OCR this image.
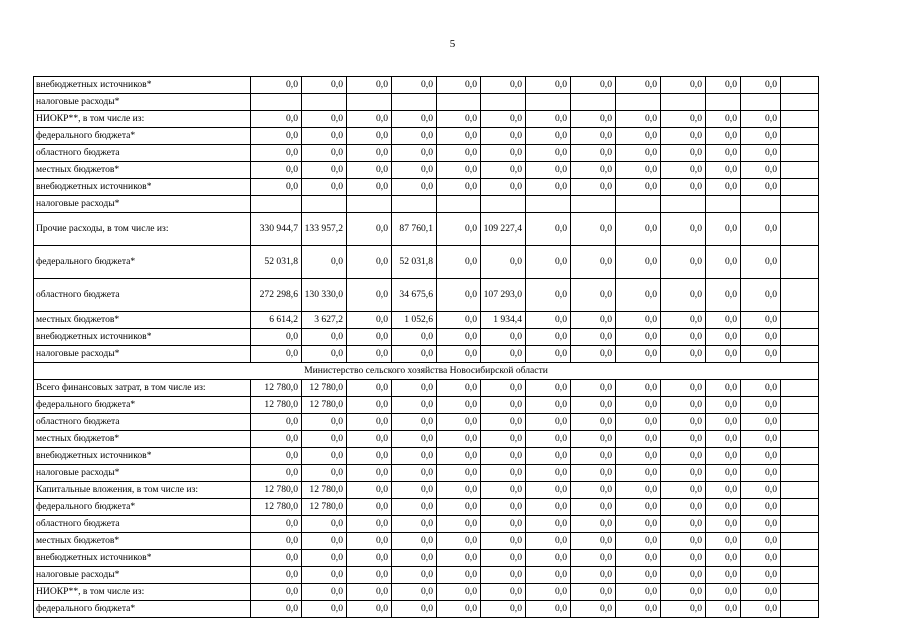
5
внебюджетных источников*	0,0	0,0	0,0	0,0	0,0	0,0	0,0	0,0	0,0	0,0	0,0	0,0	
налоговые расходы*													
НИОКР**, в том числе из:	0,0	0,0	0,0	0,0	0,0	0,0	0,0	0,0	0,0	0,0	0,0	0,0	
федерального бюджета*	0,0	0,0	0,0	0,0	0,0	0,0	0,0	0,0	0,0	0,0	0,0	0,0	
областного бюджета	0,0	0,0	0,0	0,0	0,0	0,0	0,0	0,0	0,0	0,0	0,0	0,0	
местных бюджетов*	0,0	0,0	0,0	0,0	0,0	0,0	0,0	0,0	0,0	0,0	0,0	0,0	
внебюджетных источников*	0,0	0,0	0,0	0,0	0,0	0,0	0,0	0,0	0,0	0,0	0,0	0,0	
налоговые расходы*													
Прочие расходы, в том числе из:	330 944,7	133 957,2	0,0	87 760,1	0,0	109 227,4	0,0	0,0	0,0	0,0	0,0	0,0	
федерального бюджета*	52 031,8	0,0	0,0	52 031,8	0,0	0,0	0,0	0,0	0,0	0,0	0,0	0,0	
областного бюджета	272 298,6	130 330,0	0,0	34 675,6	0,0	107 293,0	0,0	0,0	0,0	0,0	0,0	0,0	
местных бюджетов*	6 614,2	3 627,2	0,0	1 052,6	0,0	1 934,4	0,0	0,0	0,0	0,0	0,0	0,0	
внебюджетных источников*	0,0	0,0	0,0	0,0	0,0	0,0	0,0	0,0	0,0	0,0	0,0	0,0	
налоговые расходы*	0,0	0,0	0,0	0,0	0,0	0,0	0,0	0,0	0,0	0,0	0,0	0,0	
Министерство сельского хозяйства Новосибирской области													
Всего финансовых затрат, в том числе из:	12 780,0	12 780,0	0,0	0,0	0,0	0,0	0,0	0,0	0,0	0,0	0,0	0,0	
федерального бюджета*	12 780,0	12 780,0	0,0	0,0	0,0	0,0	0,0	0,0	0,0	0,0	0,0	0,0	
областного бюджета	0,0	0,0	0,0	0,0	0,0	0,0	0,0	0,0	0,0	0,0	0,0	0,0	
местных бюджетов*	0,0	0,0	0,0	0,0	0,0	0,0	0,0	0,0	0,0	0,0	0,0	0,0	
внебюджетных источников*	0,0	0,0	0,0	0,0	0,0	0,0	0,0	0,0	0,0	0,0	0,0	0,0	
налоговые расходы*	0,0	0,0	0,0	0,0	0,0	0,0	0,0	0,0	0,0	0,0	0,0	0,0	
Капитальные вложения, в том числе из:	12 780,0	12 780,0	0,0	0,0	0,0	0,0	0,0	0,0	0,0	0,0	0,0	0,0	
федерального бюджета*	12 780,0	12 780,0	0,0	0,0	0,0	0,0	0,0	0,0	0,0	0,0	0,0	0,0	
областного бюджета	0,0	0,0	0,0	0,0	0,0	0,0	0,0	0,0	0,0	0,0	0,0	0,0	
местных бюджетов*	0,0	0,0	0,0	0,0	0,0	0,0	0,0	0,0	0,0	0,0	0,0	0,0	
внебюджетных источников*	0,0	0,0	0,0	0,0	0,0	0,0	0,0	0,0	0,0	0,0	0,0	0,0	
налоговые расходы*	0,0	0,0	0,0	0,0	0,0	0,0	0,0	0,0	0,0	0,0	0,0	0,0	
НИОКР**, в том числе из:	0,0	0,0	0,0	0,0	0,0	0,0	0,0	0,0	0,0	0,0	0,0	0,0	
федерального бюджета*	0,0	0,0	0,0	0,0	0,0	0,0	0,0	0,0	0,0	0,0	0,0	0,0	
